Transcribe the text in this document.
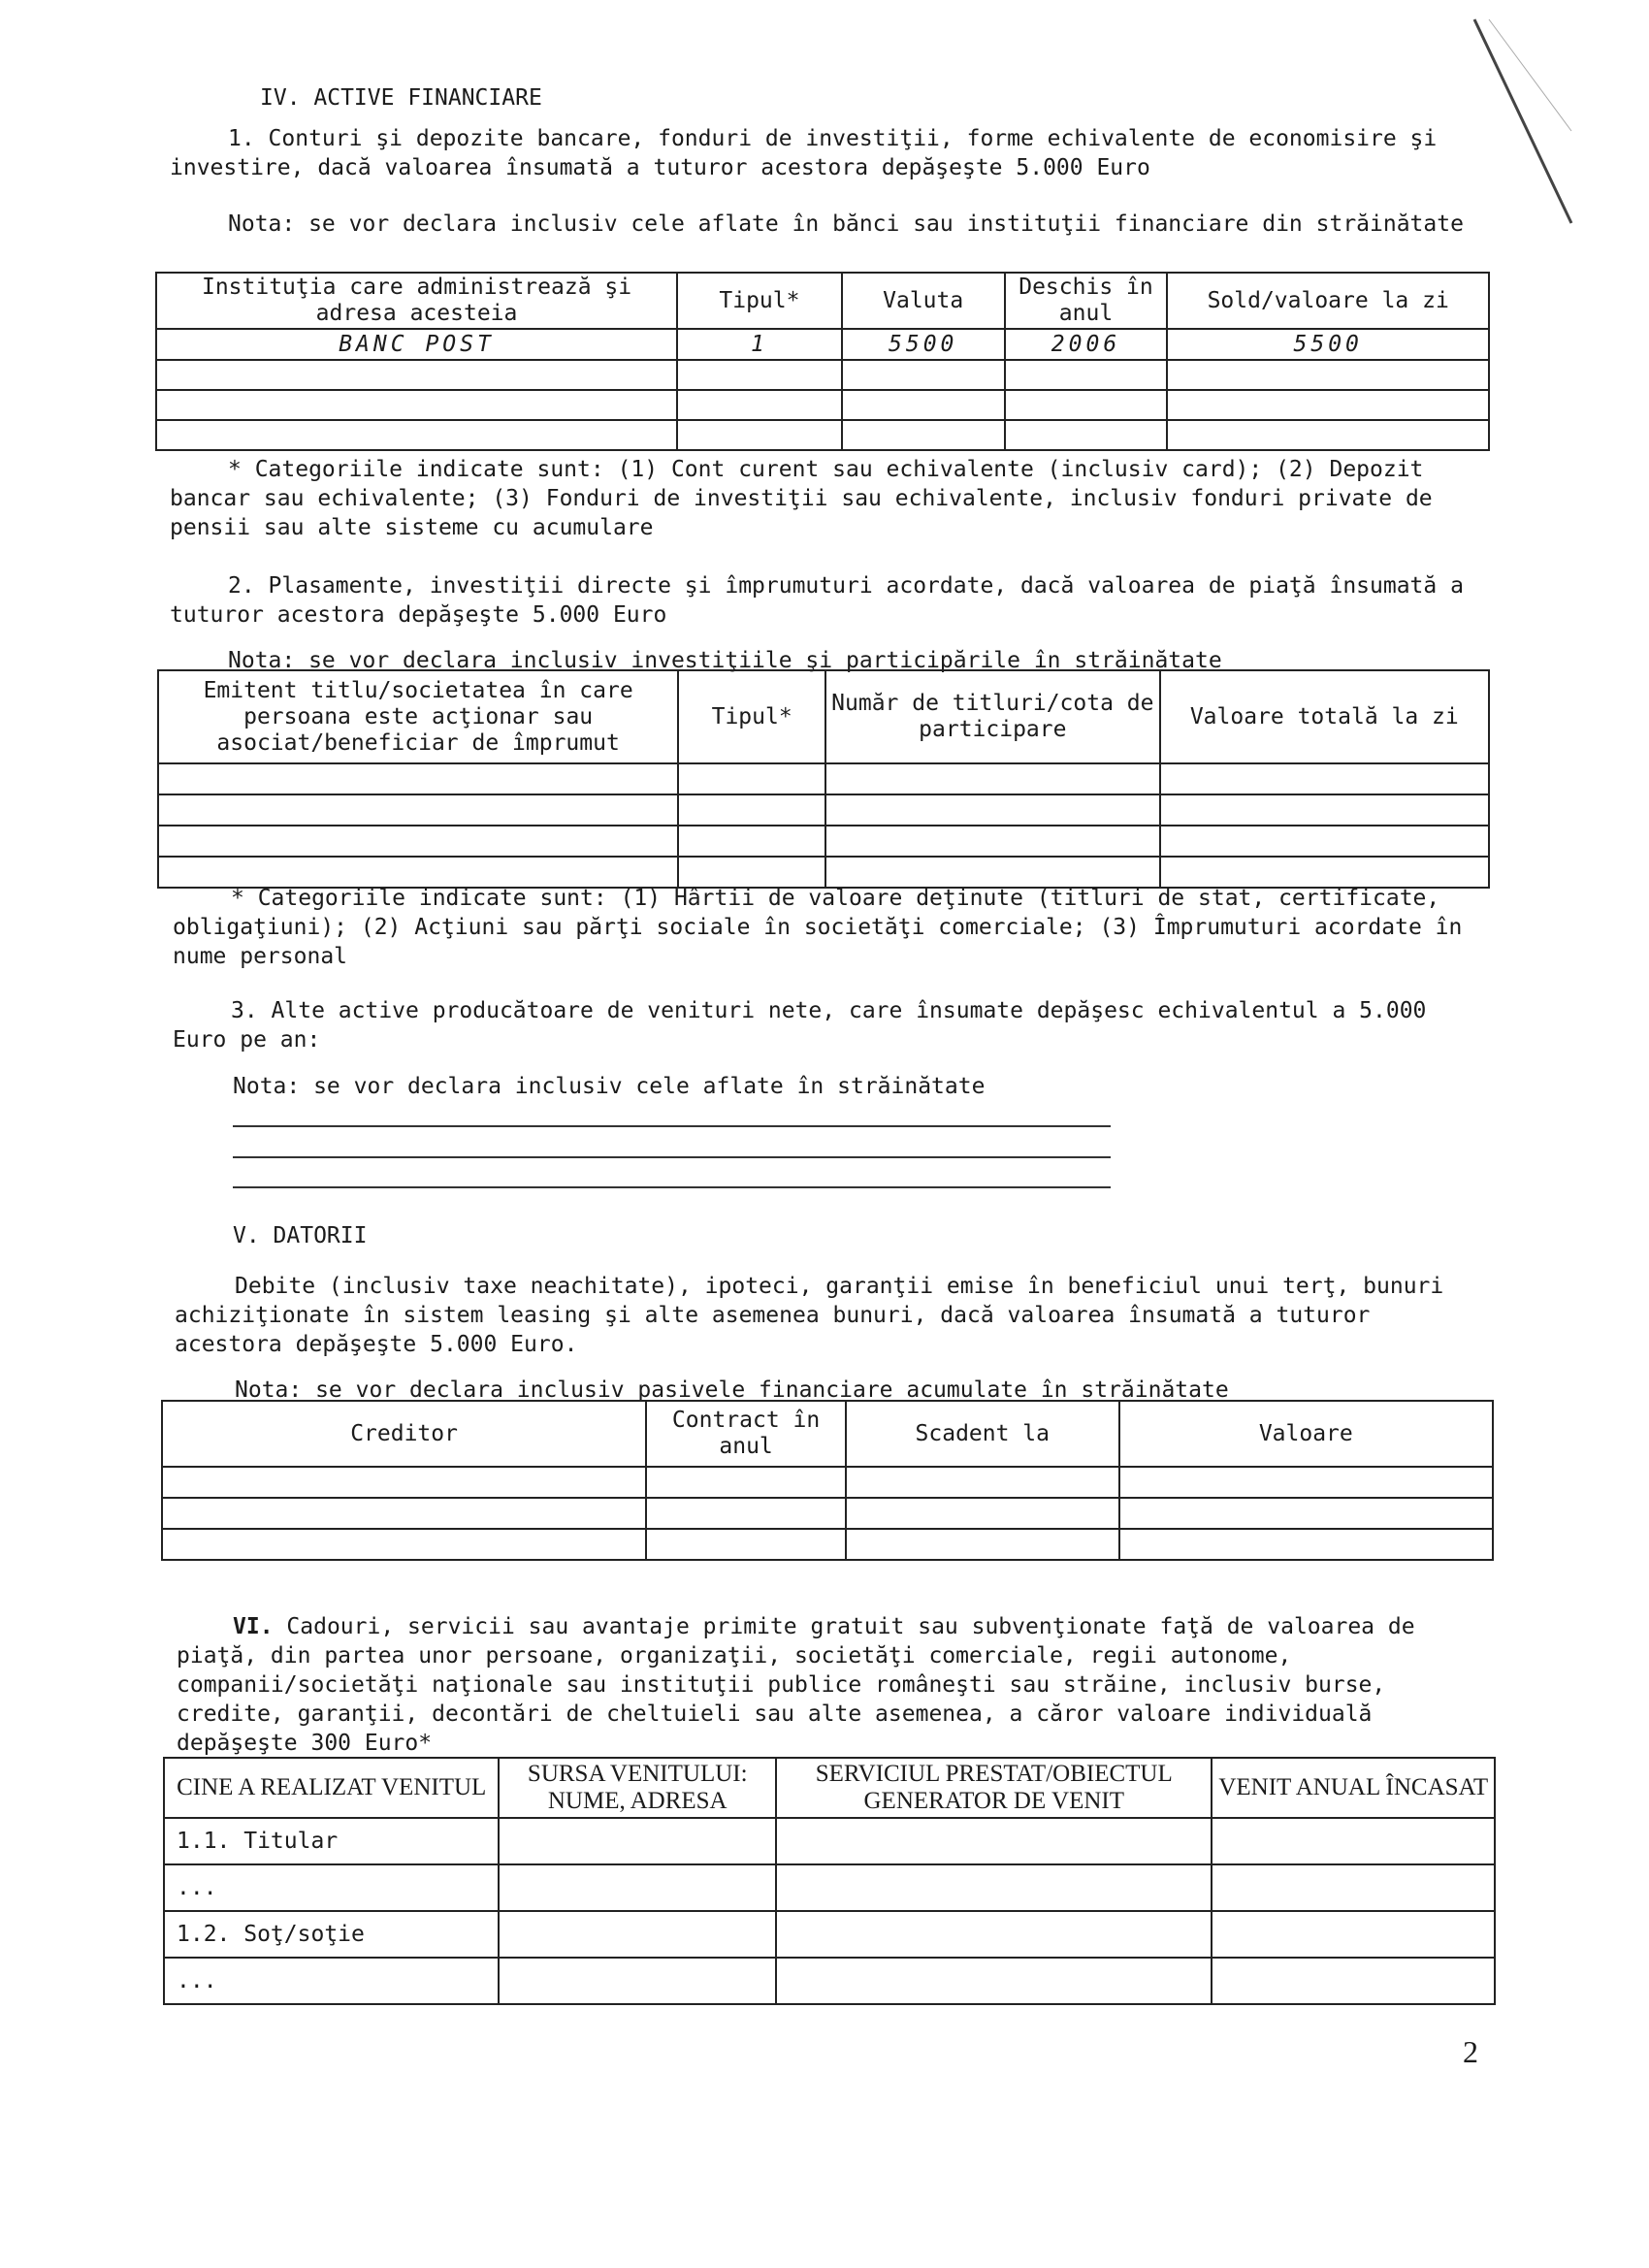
IV. ACTIVE FINANCIARE
1. Conturi şi depozite bancare, fonduri de investiţii, forme echivalente de economisire şi investire, dacă valoarea însumată a tuturor acestora depăşeşte 5.000 Euro
Nota: se vor declara inclusiv cele aflate în bănci sau instituţii financiare din străinătate
Instituţia care administrează şi adresa acesteia	Tipul*	Valuta	Deschis în anul	Sold/valoare la zi
BANC POST	1	5500	2006	5500

* Categoriile indicate sunt: (1) Cont curent sau echivalente (inclusiv card); (2) Depozit bancar sau echivalente; (3) Fonduri de investiţii sau echivalente, inclusiv fonduri private de pensii sau alte sisteme cu acumulare
2. Plasamente, investiţii directe şi împrumuturi acordate, dacă valoarea de piaţă însumată a tuturor acestora depăşeşte 5.000 Euro
Nota: se vor declara inclusiv investiţiile şi participările în străinătate
Emitent titlu/societatea în care persoana este acţionar sau asociat/beneficiar de împrumut	Tipul*	Număr de titluri/cota de participare	Valoare totală la zi

* Categoriile indicate sunt: (1) Hârtii de valoare deţinute (titluri de stat, certificate, obligaţiuni); (2) Acţiuni sau părţi sociale în societăţi comerciale; (3) Împrumuturi acordate în nume personal
3. Alte active producătoare de venituri nete, care însumate depăşesc echivalentul a 5.000 Euro pe an:
Nota: se vor declara inclusiv cele aflate în străinătate
V. DATORII
Debite (inclusiv taxe neachitate), ipoteci, garanţii emise în beneficiul unui terţ, bunuri achiziţionate în sistem leasing şi alte asemenea bunuri, dacă valoarea însumată a tuturor acestora depăşeşte 5.000 Euro.
Nota: se vor declara inclusiv pasivele financiare acumulate în străinătate
Creditor	Contract în anul	Scadent la	Valoare

VI. Cadouri, servicii sau avantaje primite gratuit sau subvenţionate faţă de valoarea de piaţă, din partea unor persoane, organizaţii, societăţi comerciale, regii autonome, companii/societăţi naţionale sau instituţii publice româneşti sau străine, inclusiv burse, credite, garanţii, decontări de cheltuieli sau alte asemenea, a căror valoare individuală depăşeşte 300 Euro*
CINE A REALIZAT VENITUL	SURSA VENITULUI: NUME, ADRESA	SERVICIUL PRESTAT/OBIECTUL GENERATOR DE VENIT	VENIT ANUAL ÎNCASAT
1.1. Titular			
...			
1.2. Soţ/soţie			
...			
2
